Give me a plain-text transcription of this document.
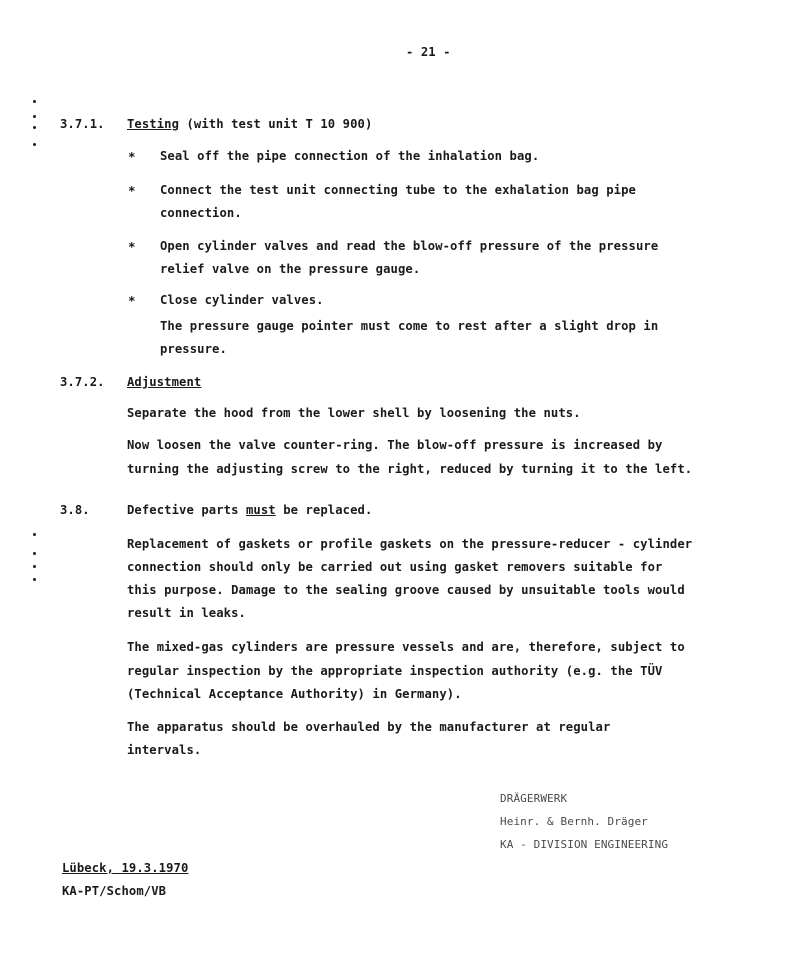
- 21 -
3.7.1. Testing (with test unit T 10 900)
* Seal off the pipe connection of the inhalation bag.
* Connect the test unit connecting tube to the exhalation bag pipe
connection.
* Open cylinder valves and read the blow-off pressure of the pressure
relief valve on the pressure gauge.
* Close cylinder valves.
The pressure gauge pointer must come to rest after a slight drop in
pressure.
3.7.2. Adjustment
Separate the hood from the lower shell by loosening the nuts.
Now loosen the valve counter-ring. The blow-off pressure is increased by
turning the adjusting screw to the right, reduced by turning it to the left.
3.8.	Defective parts must be replaced.
Replacement of gaskets or profile gaskets on the pressure-reducer - cylinder
connection should only be carried out using gasket removers suitable for
this purpose. Damage to the sealing groove caused by unsuitable tools would
result in leaks.
The mixed-gas cylinders are pressure vessels and are, therefore, subject to
regular inspection by the appropriate inspection authority (e.g. the TÜV
(Technical Acceptance Authority) in Germany).
The apparatus should be overhauled by the manufacturer at regular
intervals.
DRÄGERWERK
Heinr. & Bernh. Dräger
KA - DIVISION ENGINEERING
Lübeck, 19.3.1970
KA-PT/Schom/VB
